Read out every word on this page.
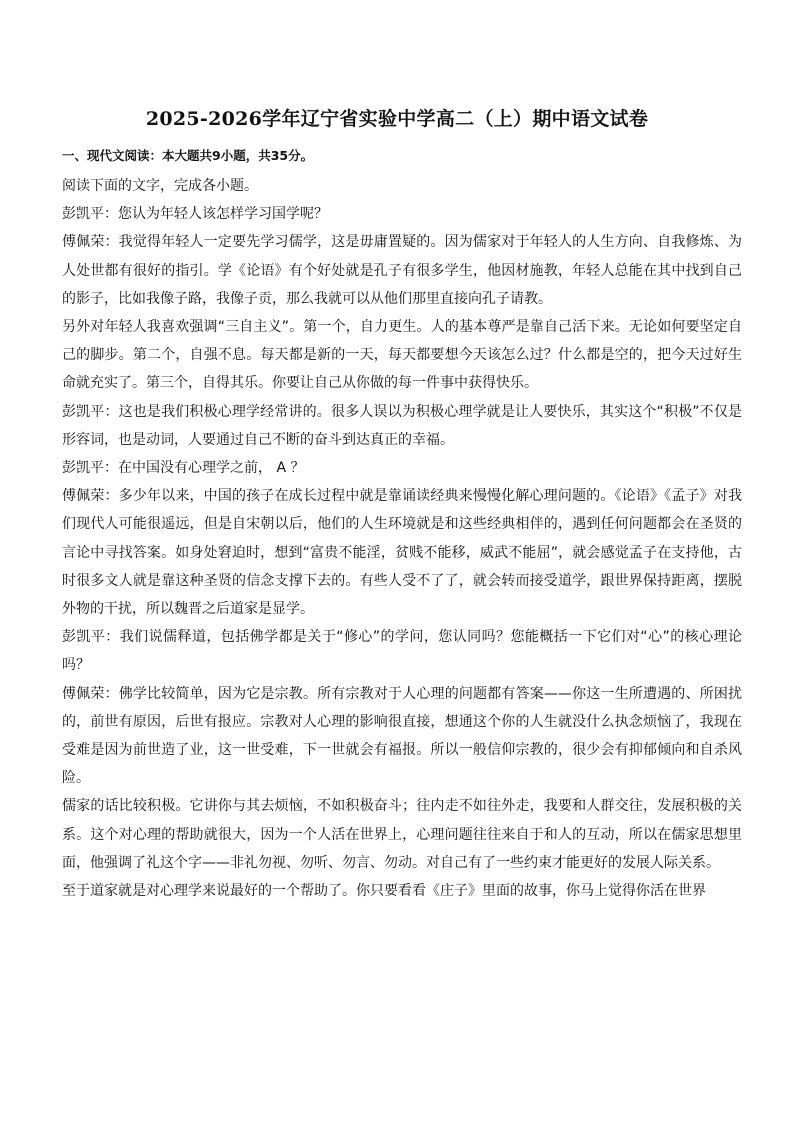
2025-2026学年辽宁省实验中学高二（上）期中语文试卷
一、现代文阅读：本大题共9小题，共35分。

阅读下面的文字，完成各小题。

彭凯平：您认为年轻人该怎样学习国学呢？

傅佩荣：我觉得年轻人一定要先学习儒学，这是毋庸置疑的。因为儒家对于年轻人的人生方向、自我修炼、为人处世都有很好的指引。学《论语》有个好处就是孔子有很多学生，他因材施教，年轻人总能在其中找到自己的影子，比如我像子路，我像子贡，那么我就可以从他们那里直接向孔子请教。

另外对年轻人我喜欢强调“三自主义”。第一个，自力更生。人的基本尊严是靠自己活下来。无论如何要坚定自己的脚步。第二个，自强不息。每天都是新的一天，每天都要想今天该怎么过？什么都是空的，把今天过好生命就充实了。第三个，自得其乐。你要让自己从你做的每一件事中获得快乐。

彭凯平：这也是我们积极心理学经常讲的。很多人误以为积极心理学就是让人要快乐，其实这个“积极”不仅是形容词，也是动词，人要通过自己不断的奋斗到达真正的幸福。

彭凯平：在中国没有心理学之前， A ？

傅佩荣：多少年以来，中国的孩子在成长过程中就是靠诵读经典来慢慢化解心理问题的。《论语》《孟子》对我们现代人可能很遥远，但是自宋朝以后，他们的人生环境就是和这些经典相伴的，遇到任何问题都会在圣贤的言论中寻找答案。如身处窘迫时，想到“富贵不能淫，贫贱不能移，威武不能屈”，就会感觉孟子在支持他，古时很多文人就是靠这种圣贤的信念支撑下去的。有些人受不了了，就会转而接受道学，跟世界保持距离，摆脱外物的干扰，所以魏晋之后道家是显学。

彭凯平：我们说儒释道，包括佛学都是关于“修心”的学问，您认同吗？您能概括一下它们对“心”的核心理论吗？

傅佩荣：佛学比较简单，因为它是宗教。所有宗教对于人心理的问题都有答案——你这一生所遭遇的、所困扰的，前世有原因，后世有报应。宗教对人心理的影响很直接，想通这个你的人生就没什么执念烦恼了，我现在受难是因为前世造了业，这一世受难，下一世就会有福报。所以一般信仰宗教的，很少会有抑郁倾向和自杀风险。

儒家的话比较积极。它讲你与其去烦恼，不如积极奋斗；往内走不如往外走，我要和人群交往，发展积极的关系。这个对心理的帮助就很大，因为一个人活在世界上，心理问题往往来自于和人的互动，所以在儒家思想里面，他强调了礼这个字——非礼勿视、勿听、勿言、勿动。对自己有了一些约束才能更好的发展人际关系。

至于道家就是对心理学来说最好的一个帮助了。你只要看看《庄子》里面的故事，你马上觉得你活在世界
